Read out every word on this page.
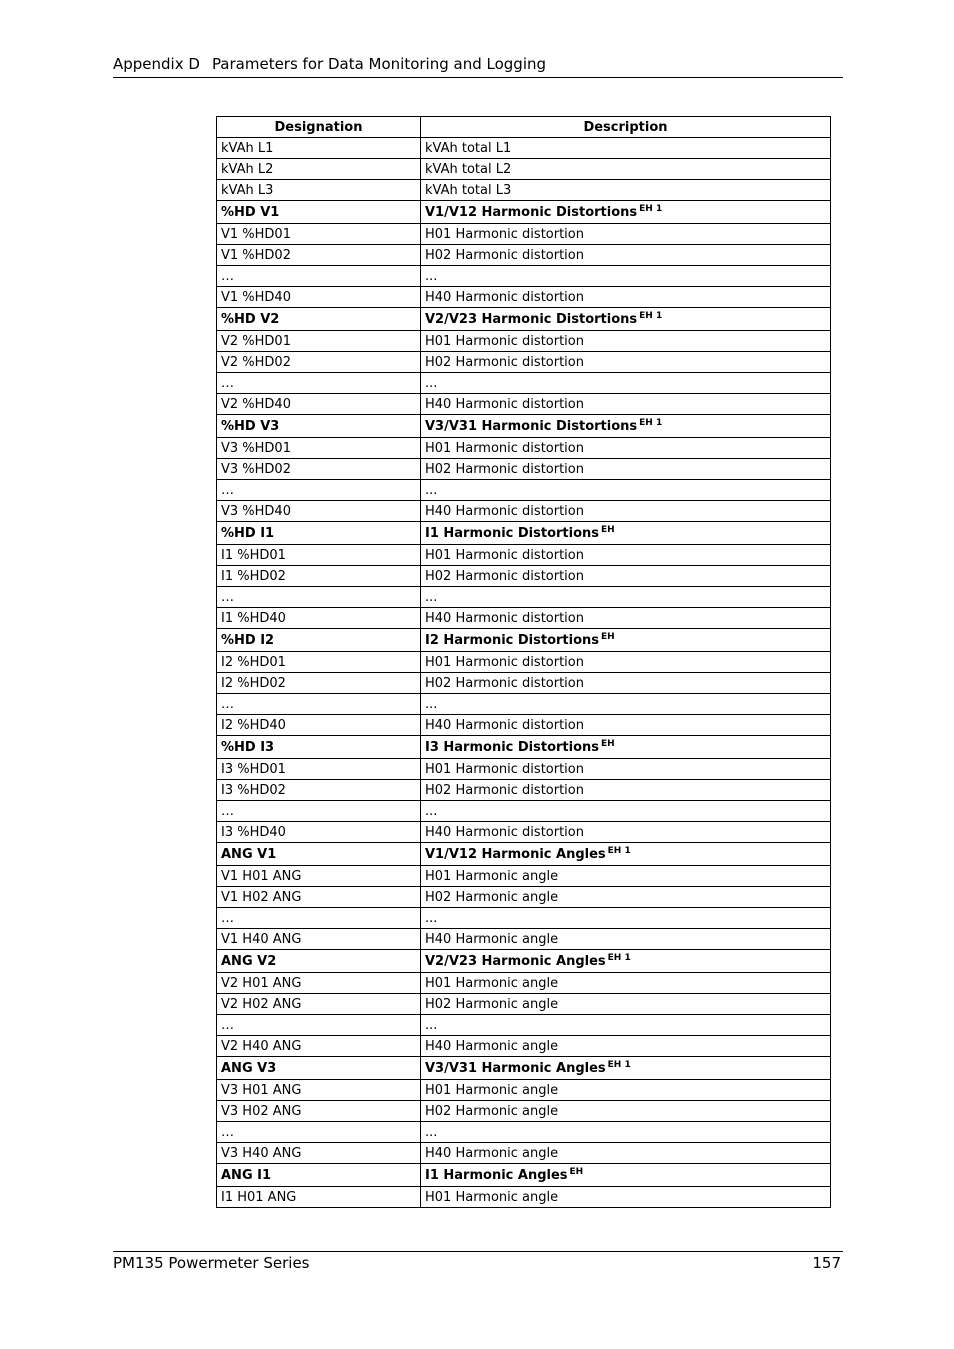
Appendix D Parameters for Data Monitoring and Logging
Designation	Description
kVAh L1	kVAh total L1
kVAh L2	kVAh total L2
kVAh L3	kVAh total L3
%HD V1	V1/V12 Harmonic Distortions $^{EH 1}$
V1 %HD01	H01 Harmonic distortion
V1 %HD02	H02 Harmonic distortion
…	...
V1 %HD40	H40 Harmonic distortion
%HD V2	V2/V23 Harmonic Distortions $^{EH 1}$
V2 %HD01	H01 Harmonic distortion
V2 %HD02	H02 Harmonic distortion
…	...
V2 %HD40	H40 Harmonic distortion
%HD V3	V3/V31 Harmonic Distortions $^{EH 1}$
V3 %HD01	H01 Harmonic distortion
V3 %HD02	H02 Harmonic distortion
…	...
V3 %HD40	H40 Harmonic distortion
%HD I1	I1 Harmonic Distortions $^{EH}$
I1 %HD01	H01 Harmonic distortion
I1 %HD02	H02 Harmonic distortion
…	...
I1 %HD40	H40 Harmonic distortion
%HD I2	I2 Harmonic Distortions $^{EH}$
I2 %HD01	H01 Harmonic distortion
I2 %HD02	H02 Harmonic distortion
…	...
I2 %HD40	H40 Harmonic distortion
%HD I3	I3 Harmonic Distortions $^{EH}$
I3 %HD01	H01 Harmonic distortion
I3 %HD02	H02 Harmonic distortion
…	...
I3 %HD40	H40 Harmonic distortion
ANG V1	V1/V12 Harmonic Angles $^{EH 1}$
V1 H01 ANG	H01 Harmonic angle
V1 H02 ANG	H02 Harmonic angle
…	...
V1 H40 ANG	H40 Harmonic angle
ANG V2	V2/V23 Harmonic Angles $^{EH 1}$
V2 H01 ANG	H01 Harmonic angle
V2 H02 ANG	H02 Harmonic angle
…	...
V2 H40 ANG	H40 Harmonic angle
ANG V3	V3/V31 Harmonic Angles $^{EH 1}$
V3 H01 ANG	H01 Harmonic angle
V3 H02 ANG	H02 Harmonic angle
…	...
V3 H40 ANG	H40 Harmonic angle
ANG I1	I1 Harmonic Angles $^{EH}$
I1 H01 ANG	H01 Harmonic angle
PM135 Powermeter Series	157
